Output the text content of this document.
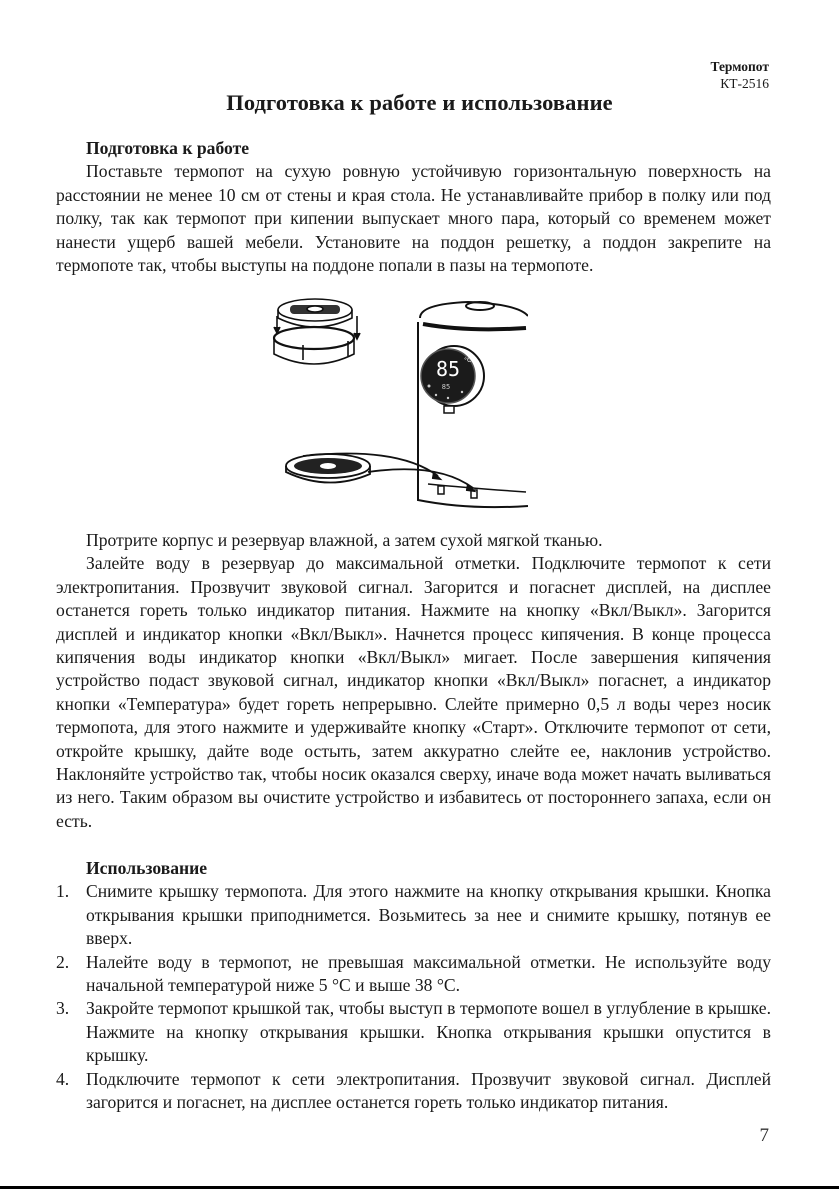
Термопот
КТ-2516
Подготовка к работе и использование
Подготовка к работе

Поставьте термопот на сухую ровную устойчивую горизонтальную поверхность на расстоянии не менее 10 см от стены и края стола. Не устанавливайте прибор в полку или под полку, так как термопот при кипении выпускает много пара, который со временем может нанести ущерб вашей мебели. Установите на поддон решетку, а поддон закрепите на термопоте так, чтобы выступы на поддоне попали в пазы на термопоте.

85 °C
85

Протрите корпус и резервуар влажной, а затем сухой мягкой тканью.

Залейте воду в резервуар до максимальной отметки. Подключите термопот к сети электропитания. Прозвучит звуковой сигнал. Загорится и погаснет дисплей, на дисплее останется гореть только индикатор питания. Нажмите на кнопку «Вкл/Выкл». Загорится дисплей и индикатор кнопки «Вкл/Выкл». Начнется процесс кипячения. В конце процесса кипячения воды индикатор кнопки «Вкл/Выкл» мигает. После завершения кипячения устройство подаст звуковой сигнал, индикатор кнопки «Вкл/Выкл» погаснет, а индикатор кнопки «Температура» будет гореть непрерывно. Слейте примерно 0,5 л воды через носик термопота, для этого нажмите и удерживайте кнопку «Старт». Отключите термопот от сети, откройте крышку, дайте воде остыть, затем аккуратно слейте ее, наклонив устройство. Наклоняйте устройство так, чтобы носик оказался сверху, иначе вода может начать выливаться из него. Таким образом вы очистите устройство и избавитесь от постороннего запаха, если он есть.

Использование
1. Снимите крышку термопота. Для этого нажмите на кнопку открывания крышки. Кнопка открывания крышки приподнимется. Возьмитесь за нее и снимите крышку, потянув ее вверх.
2. Налейте воду в термопот, не превышая максимальной отметки. Не используйте воду начальной температурой ниже 5 °C и выше 38 °C.
3. Закройте термопот крышкой так, чтобы выступ в термопоте вошел в углубление в крышке. Нажмите на кнопку открывания крышки. Кнопка открывания крышки опустится в крышку.
4. Подключите термопот к сети электропитания. Прозвучит звуковой сигнал. Дисплей загорится и погаснет, на дисплее останется гореть только индикатор питания.
7
